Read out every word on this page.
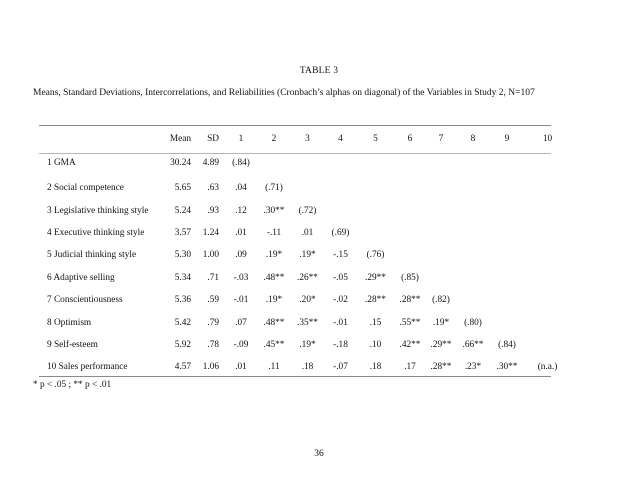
TABLE 3
Means, Standard Deviations, Intercorrelations, and Reliabilities (Cronbach’s alphas on diagonal) of the Variables in Study 2, N=107
	Mean	SD	1	2	3	4	5	6	7	8	9	10
1 GMA	30.24	4.89	(.84)									
2 Social competence	5.65	.63	.04	(.71)								
3 Legislative thinking style	5.24	.93	.12	.30**	(.72)							
4 Executive thinking style	3.57	1.24	.01	-.11	.01	(.69)						
5 Judicial thinking style	5.30	1.00	.09	.19*	.19*	-.15	(.76)					
6 Adaptive selling	5.34	.71	-.03	.48**	.26**	-.05	.29**	(.85)				
7 Conscientiousness	5.36	.59	-.01	.19*	.20*	-.02	.28**	.28**	(.82)			
8 Optimism	5.42	.79	.07	.48**	.35**	-.01	.15	.55**	.19*	(.80)		
9 Self-esteem	5.92	.78	-.09	.45**	.19*	-.18	.10	.42**	.29**	.66**	(.84)	
10 Sales performance	4.57	1.06	.01	.11	.18	-.07	.18	.17	.28**	.23*	.30**	(n.a.)
* p < .05 ; ** p < .01
36
